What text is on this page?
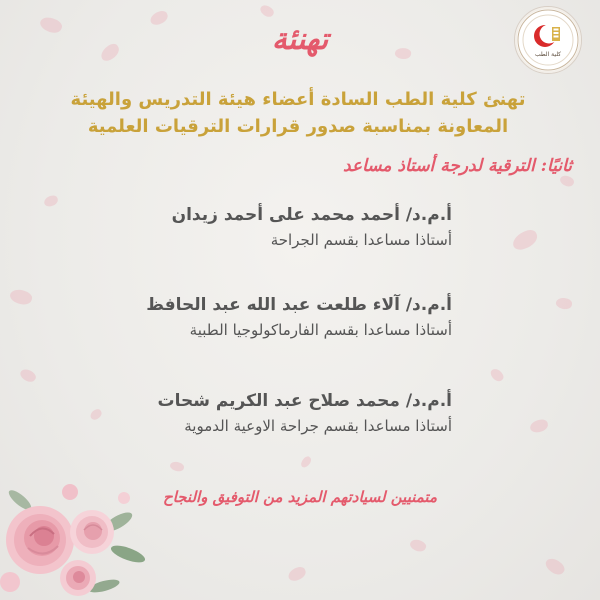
كلية الطب
تهنئة
تهنئ كلية الطب السادة أعضاء هيئة التدريس والهيئة
المعاونة بمناسبة صدور قرارات الترقيات العلمية
ثانيًا: الترقية لدرجة أستاذ مساعد
أ.م.د/ أحمد محمد على أحمد زيدان
أستاذا مساعدا بقسم الجراحة
أ.م.د/ آلاء طلعت عبد الله عبد الحافظ
أستاذا مساعدا بقسم الفارماكولوجيا الطبية
أ.م.د/ محمد صلاح عبد الكريم شحات
أستاذا مساعدا بقسم جراحة الاوعية الدموية
متمنيين لسيادتهم المزيد من التوفيق والنجاح
